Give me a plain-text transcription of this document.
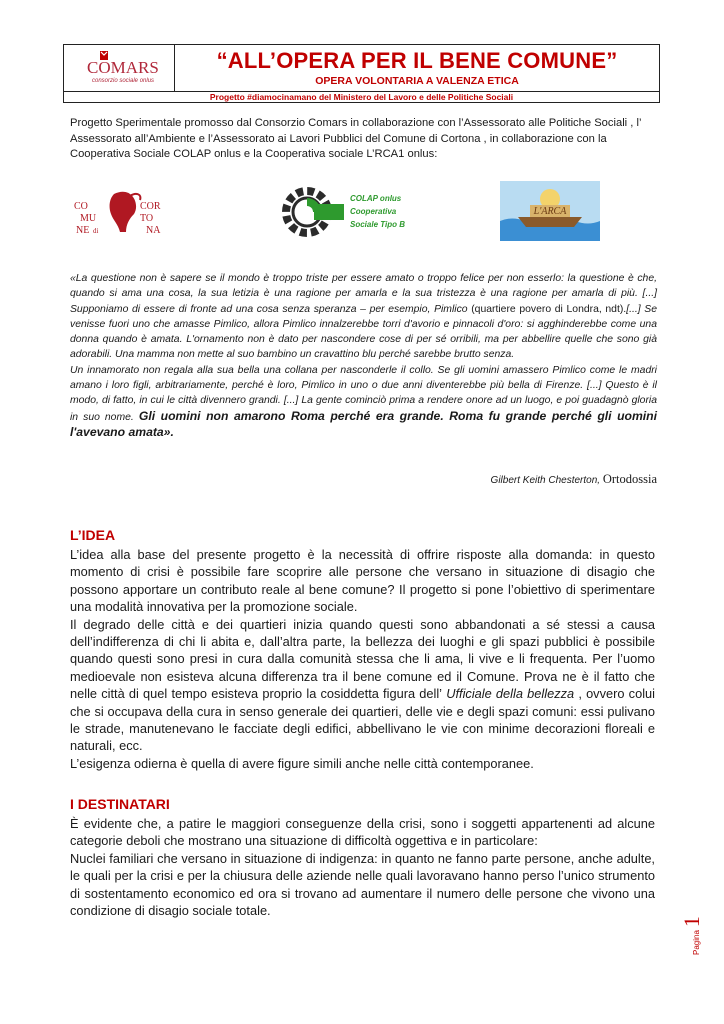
COMARS
consorzio sociale onlus
“ALL’OPERA PER IL BENE COMUNE”
OPERA VOLONTARIA A VALENZA ETICA
Progetto #diamocinamano del Ministero del Lavoro e delle Politiche Sociali
Progetto Sperimentale promosso dal Consorzio Comars in collaborazione con l’Assessorato alle Politiche Sociali , l’ Assessorato all’Ambiente e l’Assessorato ai Lavori Pubblici del Comune di Cortona , in collaborazione con la Cooperativa Sociale COLAP onlus e la Cooperativa sociale L’RCA1 onlus:
CO
MU
NE di
COR
TO
NA
COLAP onlus
Cooperativa
Sociale Tipo B
L'ARCA

«La questione non è sapere se il mondo è troppo triste per essere amato o troppo felice per non esserlo: la questione è che, quando si ama una cosa, la sua letizia è una ragione per amarla e la sua tristezza è una ragione per amarla di più. [...] Supponiamo di essere di fronte ad una cosa senza speranza – per esempio, Pimlico (quartiere povero di Londra, ndt).[...] Se venisse fuori uno che amasse Pimlico, allora Pimlico innalzerebbe torri d'avorio e pinnacoli d'oro: si agghinderebbe come una donna quando è amata. L'ornamento non è dato per nascondere cose di per sé orribili, ma per abbellire quelle che sono già adorabili. Una mamma non mette al suo bambino un cravattino blu perché sarebbe brutto senza.

Un innamorato non regala alla sua bella una collana per nasconderle il collo. Se gli uomini amassero Pimlico come le madri amano i loro figli, arbitrariamente, perché è loro, Pimlico in uno o due anni diventerebbe più bella di Firenze. [...] Questo è il modo, di fatto, in cui le città divennero grandi. [...] La gente cominciò prima a rendere onore ad un luogo, e poi guadagnò gloria in suo nome. Gli uomini non amarono Roma perché era grande. Roma fu grande perché gli uomini l'avevano amata».

Gilbert Keith Chesterton, Ortodossia
L’IDEA

L’idea alla base del presente progetto è la necessità di offrire risposte alla domanda: in questo momento di crisi è possibile fare scoprire alle persone che versano in situazione di disagio che possono apportare un contributo reale al bene comune? Il progetto si pone l’obiettivo di sperimentare una modalità innovativa per la promozione sociale.

Il degrado delle città e dei quartieri inizia quando questi sono abbandonati a sé stessi a causa dell’indifferenza di chi li abita e, dall’altra parte, la bellezza dei luoghi e gli spazi pubblici è possibile quando questi sono presi in cura dalla comunità stessa che li ama, li vive e li frequenta. Per l’uomo medioevale non esisteva alcuna differenza tra il bene comune ed il Comune. Prova ne è il fatto che nelle città di quel tempo esisteva proprio la cosiddetta figura dell’ Ufficiale della bellezza , ovvero colui che si occupava della cura in senso generale dei quartieri, delle vie e degli spazi comuni: essi pulivano le strade, manutenevano le facciate degli edifici, abbellivano le vie con minime decorazioni floreali e naturali, ecc.

L’esigenza odierna è quella di avere figure simili anche nelle città contemporanee.

I DESTINATARI

È evidente che, a patire le maggiori conseguenze della crisi, sono i soggetti appartenenti ad alcune categorie deboli che mostrano una situazione di difficoltà oggettiva e in particolare:

Nuclei familiari che versano in situazione di indigenza: in quanto ne fanno parte persone, anche adulte, le quali per la crisi e per la chiusura delle aziende nelle quali lavoravano hanno perso l’unico strumento di sostentamento economico ed ora si trovano ad aumentare il numero delle persone che vivono una condizione di disagio sociale totale.

Pagina1
